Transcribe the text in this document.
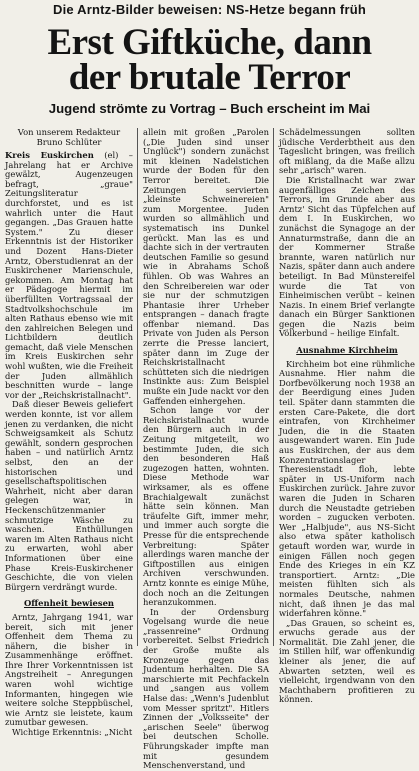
Die Arntz-Bilder beweisen: NS-Hetze begann früh
Erst Giftküche, dann
der brutale Terror
Jugend strömte zu Vortrag – Buch erscheint im Mai
Von unserem Redakteur
Bruno Schlüter

Kreis Euskirchen (el) – Jahrelang hat er Archive gewälzt, Augenzeugen befragt, „graue" Zeitungsliteratur durchforstet, und es ist wahrlich unter die Haut gegangen. „Das Grauen hatte System." Zu dieser Erkenntnis ist der Historiker und Dozent Hans-Dieter Arntz, Oberstudienrat an der Euskirchener Marienschule, gekommen. Am Montag hat er Pädagoge hiermit im überfüllten Vortragssaal der Stadtvolkshochschule im alten Rathaus ebenso wie mit den zahlreichen Belegen und Lichtbildern deutlich gemacht, daß viele Menschen im Kreis Euskirchen sehr wohl wußten, wie die Freiheit der Juden allmählich beschnitten wurde – lange vor der „Reichskristallnacht".

Daß dieser Beweis geliefert werden konnte, ist vor allem jenen zu verdanken, die nicht Schweigsamkeit als Schutz gewählt, sondern gesprochen haben – und natürlich Arntz selbst, den an der historischen und gesellschaftspolitischen Wahrheit, nicht aber daran gelegen war, in Heckenschützenmanier schmutzige Wäsche zu waschen. Enthüllungen waren im Alten Rathaus nicht zu erwarten, wohl aber Informationen über eine Phase Kreis-Euskirchener Geschichte, die von vielen Bürgern verdrängt wurde.

Offenheit bewiesen

Arntz, Jahrgang 1941, war bereit, sich mit jener Offenheit dem Thema zu nähern, die bisher in Zusammenhänge eröffnet. Ihre Ihrer Vorkenntnissen ist Angstreiheit – Anregungen waren wohl wichtige Informanten, hingegen wie weitere solche Steppbüschel, wie Arntz sie leistete, kaum zumutbar gewesen.

Wichtige Erkenntnis: „Nicht

allein mit großen „Parolen („Die Juden sind unser Unglück") sondern zunächst mit kleinen Nadelstichen wurde der Boden für den Terror bereitet. Die Zeitungen servierten „kleinste Schweinereien" zum Morgentee. Juden wurden so allmählich und systematisch ins Dunkel gerückt. Man las es und dachte sich in der vertrauten deutschen Familie so gesund wie in Abrahams Schoß fühlen. Ob was Wahres an den Schreibereien war oder sie nur der schmutzigen Phantasie ihrer Urheber entsprangen – danach fragte offenbar niemand. Das Private von Juden als Person zerrte die Presse lanciert, später dann im Zuge der Reichskristallnacht schütteten sich die niedrigen Instinkte aus: Zum Beispiel mußte ein Jude nackt vor den Gaffenden einhergehen.

Schon lange vor der Reichskristallnacht wurde den Bürgern auch in der Zeitung mitgeteilt, wo bestimmte Juden, die sich den besonderen Haß zugezogen hatten, wohnten. Diese Methode war wirksamer, als es offene Brachialgewalt zunächst hätte sein können. Man träufelte Gift, immer mehr, und immer auch sorgte die Presse für die entsprechende Verbreitung: Später allerdings waren manche der Giftpostillen aus einigen Archiven verschwunden. Arntz konnte es einige Mühe, doch noch an die Zeitungen heranzukommen.

In der Ordensburg Vogelsang wurde die neue „rassenreine" Ordnung vorbereitet. Selbst Friedrich der Große mußte als Kronzeuge gegen das Judentum herhalten. Die SA marschierte mit Pechfackeln und „sangen aus vollem Halse das: „Wenn's Judenblut vom Messer spritzt". Hitlers Zinnen der „Volksseite" der „arischen Seele" überwog bei deutschen Scholle. Führungskader impfte man mit gesundem Menschenverstand, und

Schädelmessungen sollten jüdische Verderbtheit aus den Tageslicht bringen, was freilich oft mißlang, da die Maße allzu sehr „arisch" waren.

Die Kristallnacht war zwar augenfälliges Zeichen des Terrors, im Grunde aber aus Arntz' Sicht das Tüpfelchen auf dem I. In Euskirchen, wo zunächst die Synagoge an der Annaturmstraße, dann die an der Kommerner Straße brannte, waren natürlich nur Nazis, später dann auch andere beteiligt. In Bad Münstereifel wurde die Tat von Einheimischen verübt – keinen Nazis. In einem Brief verlangte danach ein Bürger Sanktionen gegen die Nazis beim Völkerbund – heilige Einfalt.

Ausnahme Kirchheim

Kirchheim bot eine rühmliche Ausnahme. Hier nahm die Dorfbevölkerung noch 1938 an der Beerdigung eines Juden teil. Später dann stammten die ersten Care-Pakete, die dort eintrafen, von Kirchheimer Juden, die in die Staaten ausgewandert waren. Ein Jude aus Euskirchen, der aus dem Konzentrationslager Theresienstadt floh, lebte später in US-Uniform nach Euskirchen zurück. Jahre zuvor waren die Juden in Scharen durch die Neustadte getrieben worden – zugucken verboten. Wer „Halbjude", aus NS-Sicht also etwa später katholisch getauft worden war, wurde in einigen Fällen noch gegen Ende des Krieges in ein KZ transportiert. Arntz: „Die meisten fühlten sich als normales Deutsche, nahmen nicht, daß ihnen je das mal widerfahren könne."

„Das Grauen, so scheint es, erwuchs gerade aus der Normalität. Die Zahl jener, die im Stillen hilf, war offenkundig kleiner als jener, die auf Abwarten setzten, weil es vielleicht, irgendwann von den Machthabern profitieren zu können.
